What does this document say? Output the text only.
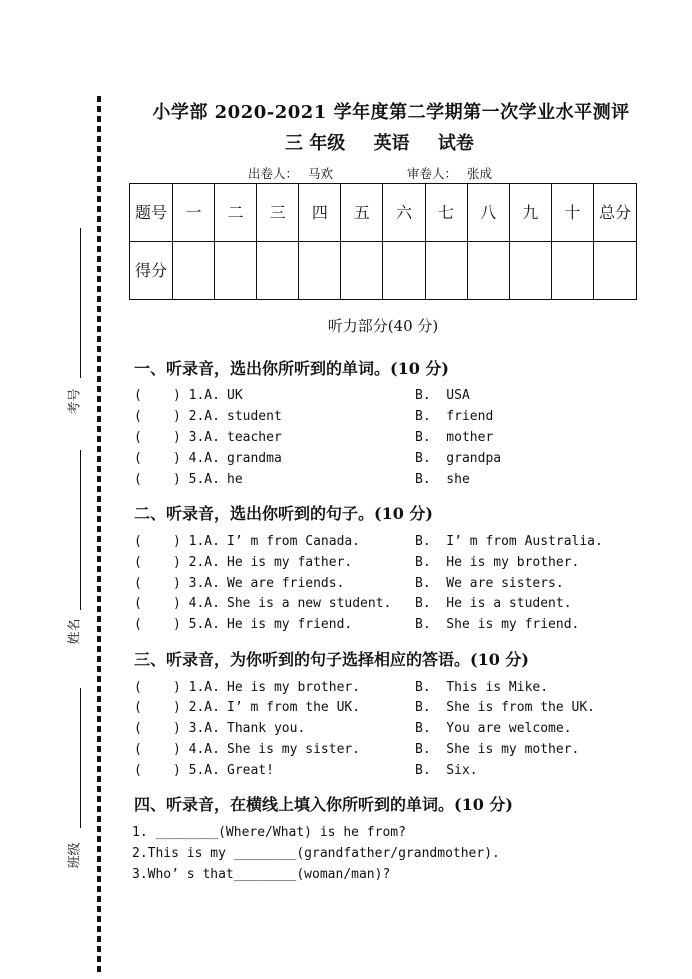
考号
姓名
班级
小学部 2020-2021 学年度第二学期第一次学业水平测评
三 年级 英语 试卷
出卷人： 马欢	审卷人： 张成
题号	一	二	三	四	五	六	七	八	九	十	总分
得分											
听力部分(40 分)
一、听录音，选出你所听到的单词。(10 分)
( ) 1.A. UK	B.  USA
( ) 2.A. student	B.  friend
( ) 3.A. teacher	B.  mother
( ) 4.A. grandma	B.  grandpa
( ) 5.A. he	B.  she
二、听录音，选出你听到的句子。(10 分)
( ) 1.A. I’ m from Canada.	B.  I’ m from Australia.
( ) 2.A. He is my father.	B.  He is my brother.
( ) 3.A. We are friends.	B.  We are sisters.
( ) 4.A. She is a new student. B.  He is a student.
( ) 5.A. He is my friend.	B.  She is my friend.
三、听录音，为你听到的句子选择相应的答语。(10 分)
( ) 1.A. He is my brother.	B.  This is Mike.
( ) 2.A. I’ m from the UK.	B.  She is from the UK.
( ) 3.A. Thank you.	B.  You are welcome.
( ) 4.A. She is my sister.	B.  She is my mother.
( ) 5.A. Great!	B.  Six.
四、听录音，在横线上填入你所听到的单词。(10 分)
1. ________(Where/What) is he from?
2.This is my ________(grandfather/grandmother).
3.Who’ s that________(woman/man)?
